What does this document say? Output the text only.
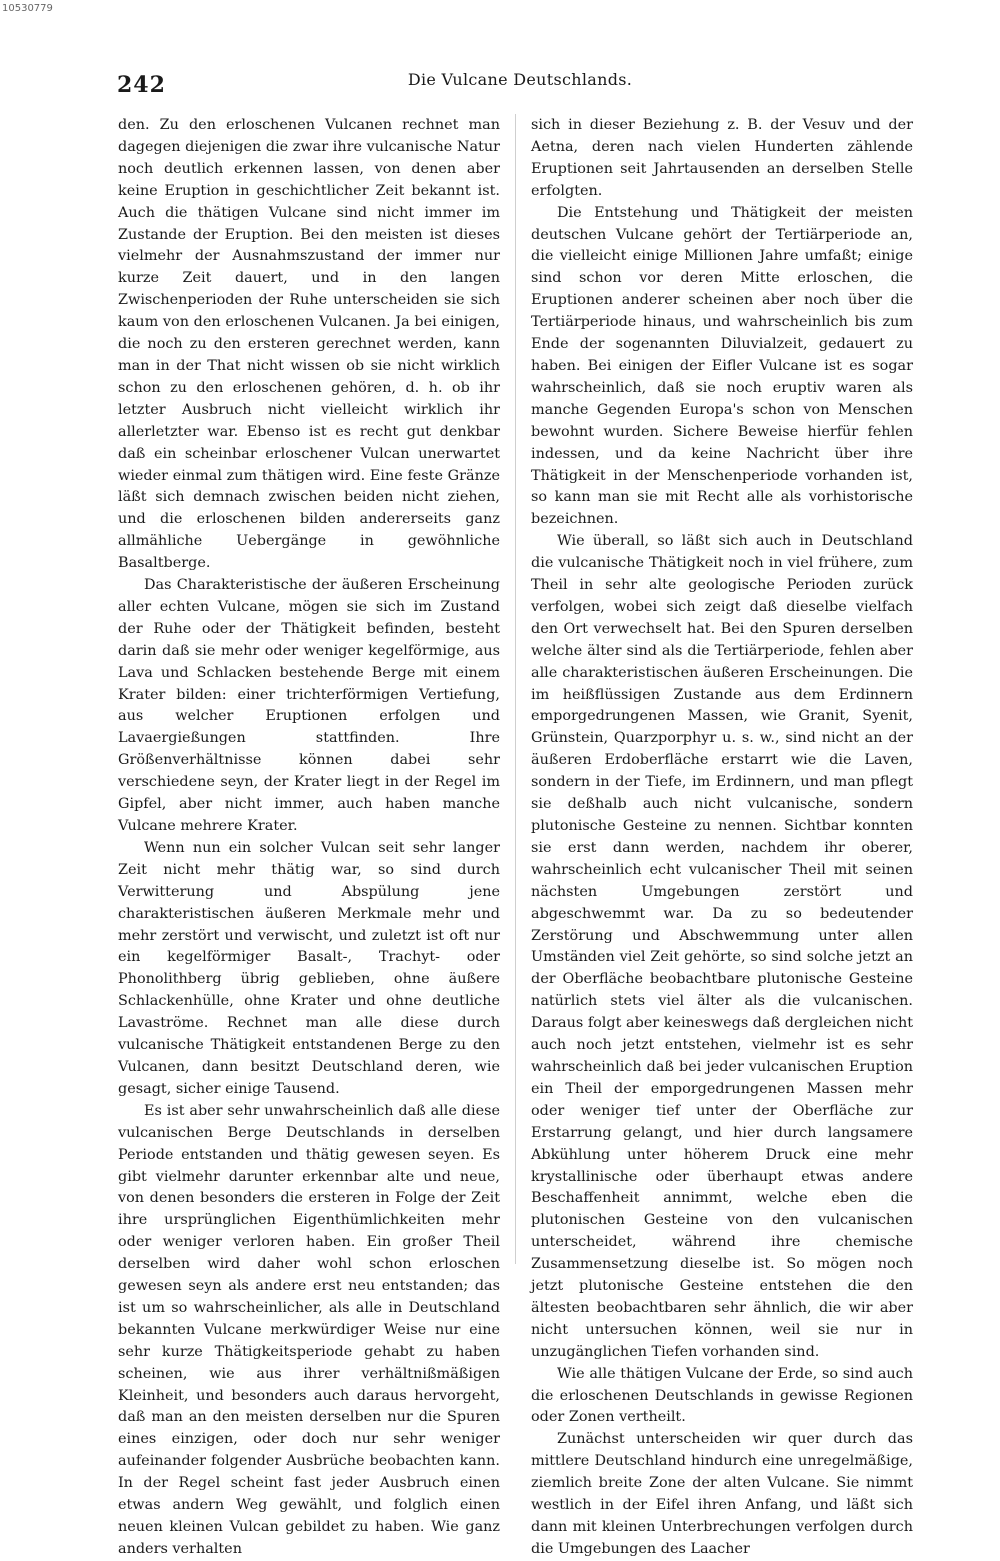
10530779
242	Die Vulcane Deutschlands.

den. Zu den erloschenen Vulcanen rechnet man dagegen diejenigen die zwar ihre vulcanische Natur noch deutlich erkennen lassen, von denen aber keine Eruption in geschichtlicher Zeit bekannt ist. Auch die thätigen Vulcane sind nicht immer im Zustande der Eruption. Bei den meisten ist dieses vielmehr der Ausnahmszustand der immer nur kurze Zeit dauert, und in den langen Zwischenperioden der Ruhe unterscheiden sie sich kaum von den erloschenen Vulcanen. Ja bei einigen, die noch zu den ersteren gerechnet werden, kann man in der That nicht wissen ob sie nicht wirklich schon zu den erloschenen gehören, d. h. ob ihr letzter Ausbruch nicht vielleicht wirklich ihr allerletzter war. Ebenso ist es recht gut denkbar daß ein scheinbar erloschener Vulcan unerwartet wieder einmal zum thätigen wird. Eine feste Gränze läßt sich demnach zwischen beiden nicht ziehen, und die erloschenen bilden andererseits ganz allmähliche Uebergänge in gewöhnliche Basaltberge.

Das Charakteristische der äußeren Erscheinung aller echten Vulcane, mögen sie sich im Zustand der Ruhe oder der Thätigkeit befinden, besteht darin daß sie mehr oder weniger kegelförmige, aus Lava und Schlacken bestehende Berge mit einem Krater bilden: einer trichterförmigen Vertiefung, aus welcher Eruptionen erfolgen und Lavaergießungen stattfinden. Ihre Größenverhältnisse können dabei sehr verschiedene seyn, der Krater liegt in der Regel im Gipfel, aber nicht immer, auch haben manche Vulcane mehrere Krater.

Wenn nun ein solcher Vulcan seit sehr langer Zeit nicht mehr thätig war, so sind durch Verwitterung und Abspülung jene charakteristischen äußeren Merkmale mehr und mehr zerstört und verwischt, und zuletzt ist oft nur ein kegelförmiger Basalt-, Trachyt- oder Phonolithberg übrig geblieben, ohne äußere Schlackenhülle, ohne Krater und ohne deutliche Lavaströme. Rechnet man alle diese durch vulcanische Thätigkeit entstandenen Berge zu den Vulcanen, dann besitzt Deutschland deren, wie gesagt, sicher einige Tausend.

Es ist aber sehr unwahrscheinlich daß alle diese vulcanischen Berge Deutschlands in derselben Periode entstanden und thätig gewesen seyen. Es gibt vielmehr darunter erkennbar alte und neue, von denen besonders die ersteren in Folge der Zeit ihre ursprünglichen Eigenthümlichkeiten mehr oder weniger verloren haben. Ein großer Theil derselben wird daher wohl schon erloschen gewesen seyn als andere erst neu entstanden; das ist um so wahrscheinlicher, als alle in Deutschland bekannten Vulcane merkwürdiger Weise nur eine sehr kurze Thätigkeitsperiode gehabt zu haben scheinen, wie aus ihrer verhältnißmäßigen Kleinheit, und besonders auch daraus hervorgeht, daß man an den meisten derselben nur die Spuren eines einzigen, oder doch nur sehr weniger aufeinander folgender Ausbrüche beobachten kann. In der Regel scheint fast jeder Ausbruch einen etwas andern Weg gewählt, und folglich einen neuen kleinen Vulcan gebildet zu haben. Wie ganz anders verhalten

sich in dieser Beziehung z. B. der Vesuv und der Aetna, deren nach vielen Hunderten zählende Eruptionen seit Jahrtausenden an derselben Stelle erfolgten.

Die Entstehung und Thätigkeit der meisten deutschen Vulcane gehört der Tertiärperiode an, die vielleicht einige Millionen Jahre umfaßt; einige sind schon vor deren Mitte erloschen, die Eruptionen anderer scheinen aber noch über die Tertiärperiode hinaus, und wahrscheinlich bis zum Ende der sogenannten Diluvialzeit, gedauert zu haben. Bei einigen der Eifler Vulcane ist es sogar wahrscheinlich, daß sie noch eruptiv waren als manche Gegenden Europa's schon von Menschen bewohnt wurden. Sichere Beweise hierfür fehlen indessen, und da keine Nachricht über ihre Thätigkeit in der Menschenperiode vorhanden ist, so kann man sie mit Recht alle als vorhistorische bezeichnen.

Wie überall, so läßt sich auch in Deutschland die vulcanische Thätigkeit noch in viel frühere, zum Theil in sehr alte geologische Perioden zurück verfolgen, wobei sich zeigt daß dieselbe vielfach den Ort verwechselt hat. Bei den Spuren derselben welche älter sind als die Tertiärperiode, fehlen aber alle charakteristischen äußeren Erscheinungen. Die im heißflüssigen Zustande aus dem Erdinnern emporgedrungenen Massen, wie Granit, Syenit, Grünstein, Quarzporphyr u. s. w., sind nicht an der äußeren Erdoberfläche erstarrt wie die Laven, sondern in der Tiefe, im Erdinnern, und man pflegt sie deßhalb auch nicht vulcanische, sondern plutonische Gesteine zu nennen. Sichtbar konnten sie erst dann werden, nachdem ihr oberer, wahrscheinlich echt vulcanischer Theil mit seinen nächsten Umgebungen zerstört und abgeschwemmt war. Da zu so bedeutender Zerstörung und Abschwemmung unter allen Umständen viel Zeit gehörte, so sind solche jetzt an der Oberfläche beobachtbare plutonische Gesteine natürlich stets viel älter als die vulcanischen. Daraus folgt aber keineswegs daß dergleichen nicht auch noch jetzt entstehen, vielmehr ist es sehr wahrscheinlich daß bei jeder vulcanischen Eruption ein Theil der emporgedrungenen Massen mehr oder weniger tief unter der Oberfläche zur Erstarrung gelangt, und hier durch langsamere Abkühlung unter höherem Druck eine mehr krystallinische oder überhaupt etwas andere Beschaffenheit annimmt, welche eben die plutonischen Gesteine von den vulcanischen unterscheidet, während ihre chemische Zusammensetzung dieselbe ist. So mögen noch jetzt plutonische Gesteine entstehen die den ältesten beobachtbaren sehr ähnlich, die wir aber nicht untersuchen können, weil sie nur in unzugänglichen Tiefen vorhanden sind.

Wie alle thätigen Vulcane der Erde, so sind auch die erloschenen Deutschlands in gewisse Regionen oder Zonen vertheilt.

Zunächst unterscheiden wir quer durch das mittlere Deutschland hindurch eine unregelmäßige, ziemlich breite Zone der alten Vulcane. Sie nimmt westlich in der Eifel ihren Anfang, und läßt sich dann mit kleinen Unterbrechungen verfolgen durch die Umgebungen des Laacher
